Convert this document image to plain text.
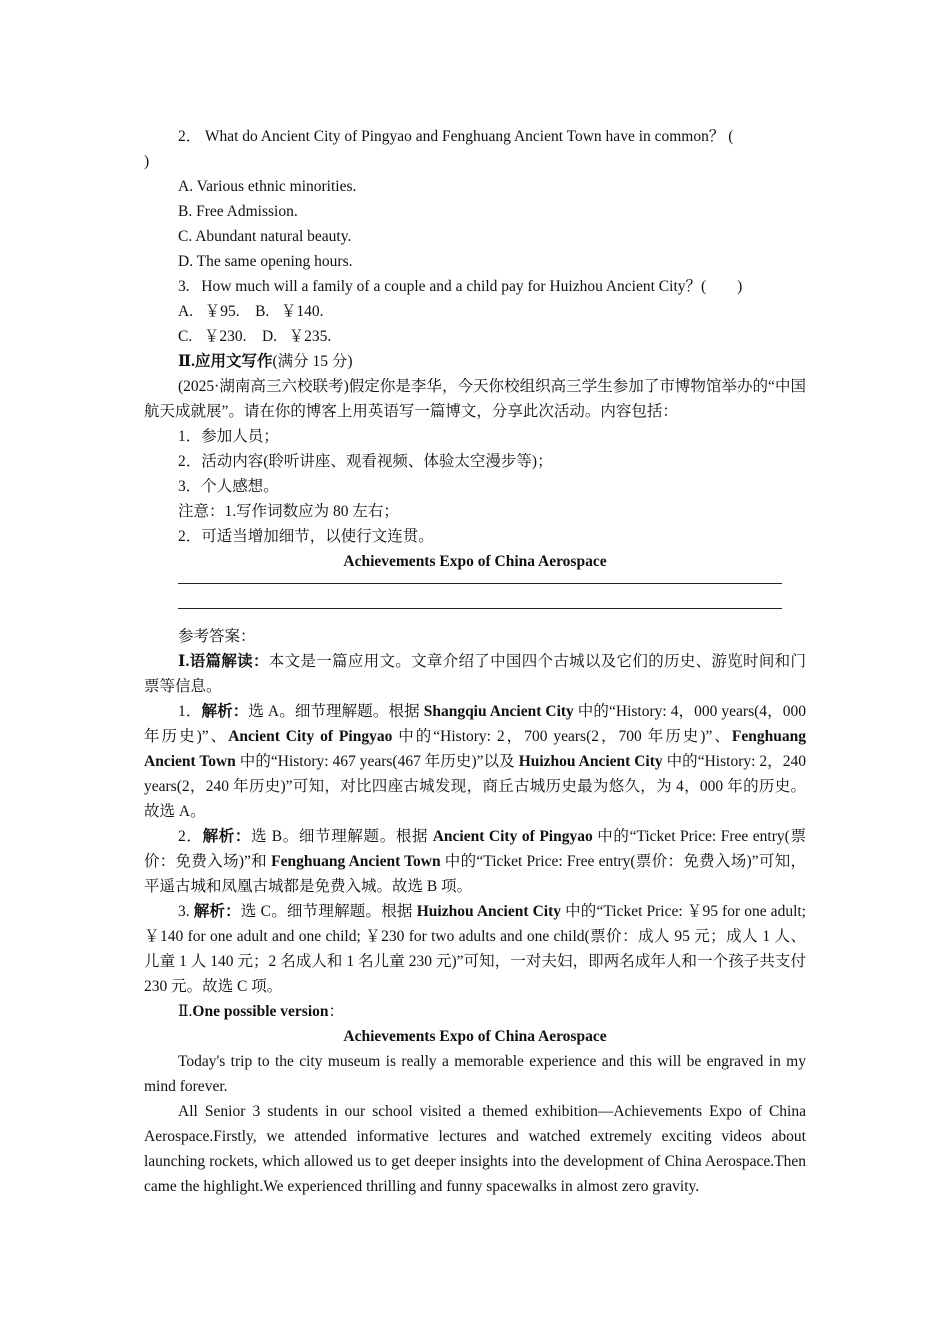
2． What do Ancient City of Pingyao and Fenghuang Ancient Town have in common？ (

)

A. Various ethnic minorities.

B. Free Admission.

C. Abundant natural beauty.

D. The same opening hours.

3.   How much will a family of a couple and a child pay for Huizhou Ancient City？(        )

A.   ￥95.    B.   ￥140.

C.   ￥230.    D.   ￥235.

Ⅱ.应用文写作(满分 15 分)

(2025·湖南高三六校联考)假定你是李华，今天你校组织高三学生参加了市博物馆举办的“中国航天成就展”。请在你的博客上用英语写一篇博文，分享此次活动。内容包括：

1．参加人员；

2．活动内容(聆听讲座、观看视频、体验太空漫步等)；

3．个人感想。

注意：1.写作词数应为 80 左右；

2．可适当增加细节，以使行文连贯。

Achievements Expo of China Aerospace

参考答案：

Ⅰ.语篇解读：本文是一篇应用文。文章介绍了中国四个古城以及它们的历史、游览时间和门票等信息。

1．解析：选 A。细节理解题。根据 Shangqiu Ancient City 中的“History: 4，000 years(4，000 年历史)”、Ancient City of Pingyao 中的“History: 2，700 years(2，700 年历史)”、Fenghuang Ancient Town 中的“History: 467 years(467 年历史)”以及 Huizhou Ancient City 中的“History: 2，240 years(2，240 年历史)”可知，对比四座古城发现，商丘古城历史最为悠久，为 4，000 年的历史。故选 A。

2．解析：选 B。细节理解题。根据 Ancient City of Pingyao 中的“Ticket Price: Free entry(票价：免费入场)”和 Fenghuang Ancient Town 中的“Ticket Price: Free entry(票价：免费入场)”可知，平遥古城和凤凰古城都是免费入城。故选 B 项。

3. 解析：选 C。细节理解题。根据 Huizhou Ancient City 中的“Ticket Price: ￥95 for one adult; ￥140 for one adult and one child; ￥230 for two adults and one child(票价：成人 95 元；成人 1 人、儿童 1 人 140 元；2 名成人和 1 名儿童 230 元)”可知，一对夫妇，即两名成年人和一个孩子共支付 230 元。故选 C 项。

Ⅱ.One possible version：

Achievements Expo of China Aerospace

Today's trip to the city museum is really a memorable experience and this will be engraved in my mind forever.

All Senior 3 students in our school visited a themed exhibition—Achievements Expo of China Aerospace.Firstly, we attended informative lectures and watched extremely exciting videos about launching rockets, which allowed us to get deeper insights into the development of China Aerospace.Then came the highlight.We experienced thrilling and funny spacewalks in almost zero gravity.
